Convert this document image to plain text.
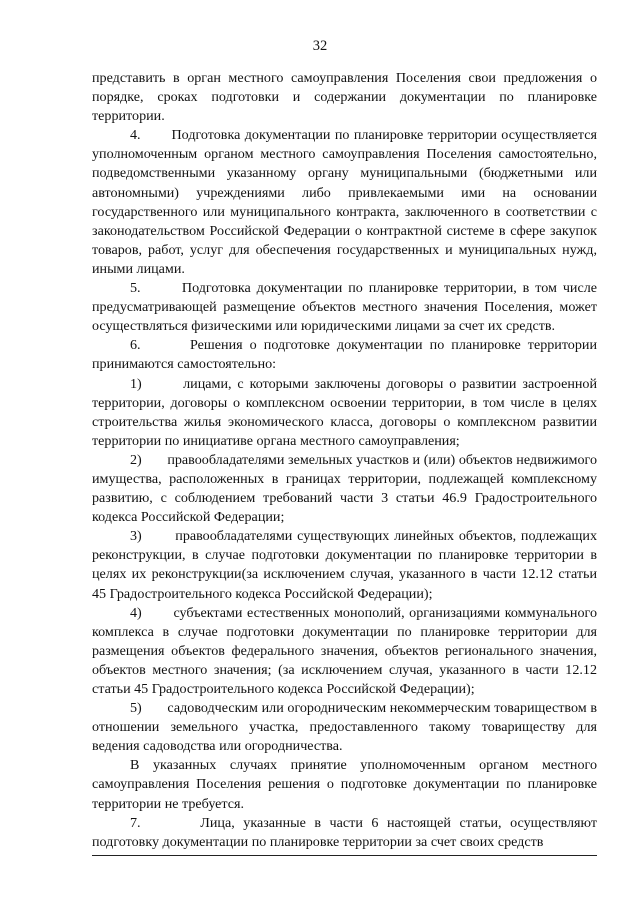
32

представить в орган местного самоуправления Поселения свои предложения о порядке, сроках подготовки и содержании документации по планировке территории.

4.       Подготовка документации по планировке территории осуществляется уполномоченным органом местного самоуправления Поселения самостоятельно, подведомственными указанному органу муниципальными (бюджетными или автономными) учреждениями либо привлекаемыми ими на основании государственного или муниципального контракта, заключенного в соответствии с законодательством Российской Федерации о контрактной системе в сфере закупок товаров, работ, услуг для обеспечения государственных и муниципальных нужд, иными лицами.

5.       Подготовка документации по планировке территории, в том числе предусматривающей размещение объектов местного значения Поселения, может осуществляться физическими или юридическими лицами за счет их средств.

6.       Решения о подготовке документации по планировке территории принимаются самостоятельно:

1)       лицами, с которыми заключены договоры о развитии застроенной территории, договоры о комплексном освоении территории, в том числе в целях строительства жилья экономического класса, договоры о комплексном развитии территории по инициативе органа местного самоуправления;

2)       правообладателями земельных участков и (или) объектов недвижимого имущества, расположенных в границах территории, подлежащей комплексному развитию, с соблюдением требований части 3 статьи 46.9 Градостроительного кодекса Российской Федерации;

3)       правообладателями существующих линейных объектов, подлежащих реконструкции, в случае подготовки документации по планировке территории в целях их реконструкции(за исключением случая, указанного в части 12.12 статьи 45 Градостроительного кодекса Российской Федерации);

4)       субъектами естественных монополий, организациями коммунального комплекса в случае подготовки документации по планировке территории для размещения объектов федерального значения, объектов регионального значения, объектов местного значения; (за исключением случая, указанного в части 12.12 статьи 45 Градостроительного кодекса Российской Федерации);

5)       садоводческим или огородническим некоммерческим товариществом в отношении земельного участка, предоставленного такому товариществу для ведения садоводства или огородничества.

В указанных случаях принятие уполномоченным органом местного самоуправления Поселения решения о подготовке документации по планировке территории не требуется.

7.       Лица, указанные в части 6 настоящей статьи, осуществляют подготовку документации по планировке территории за счет своих средств
